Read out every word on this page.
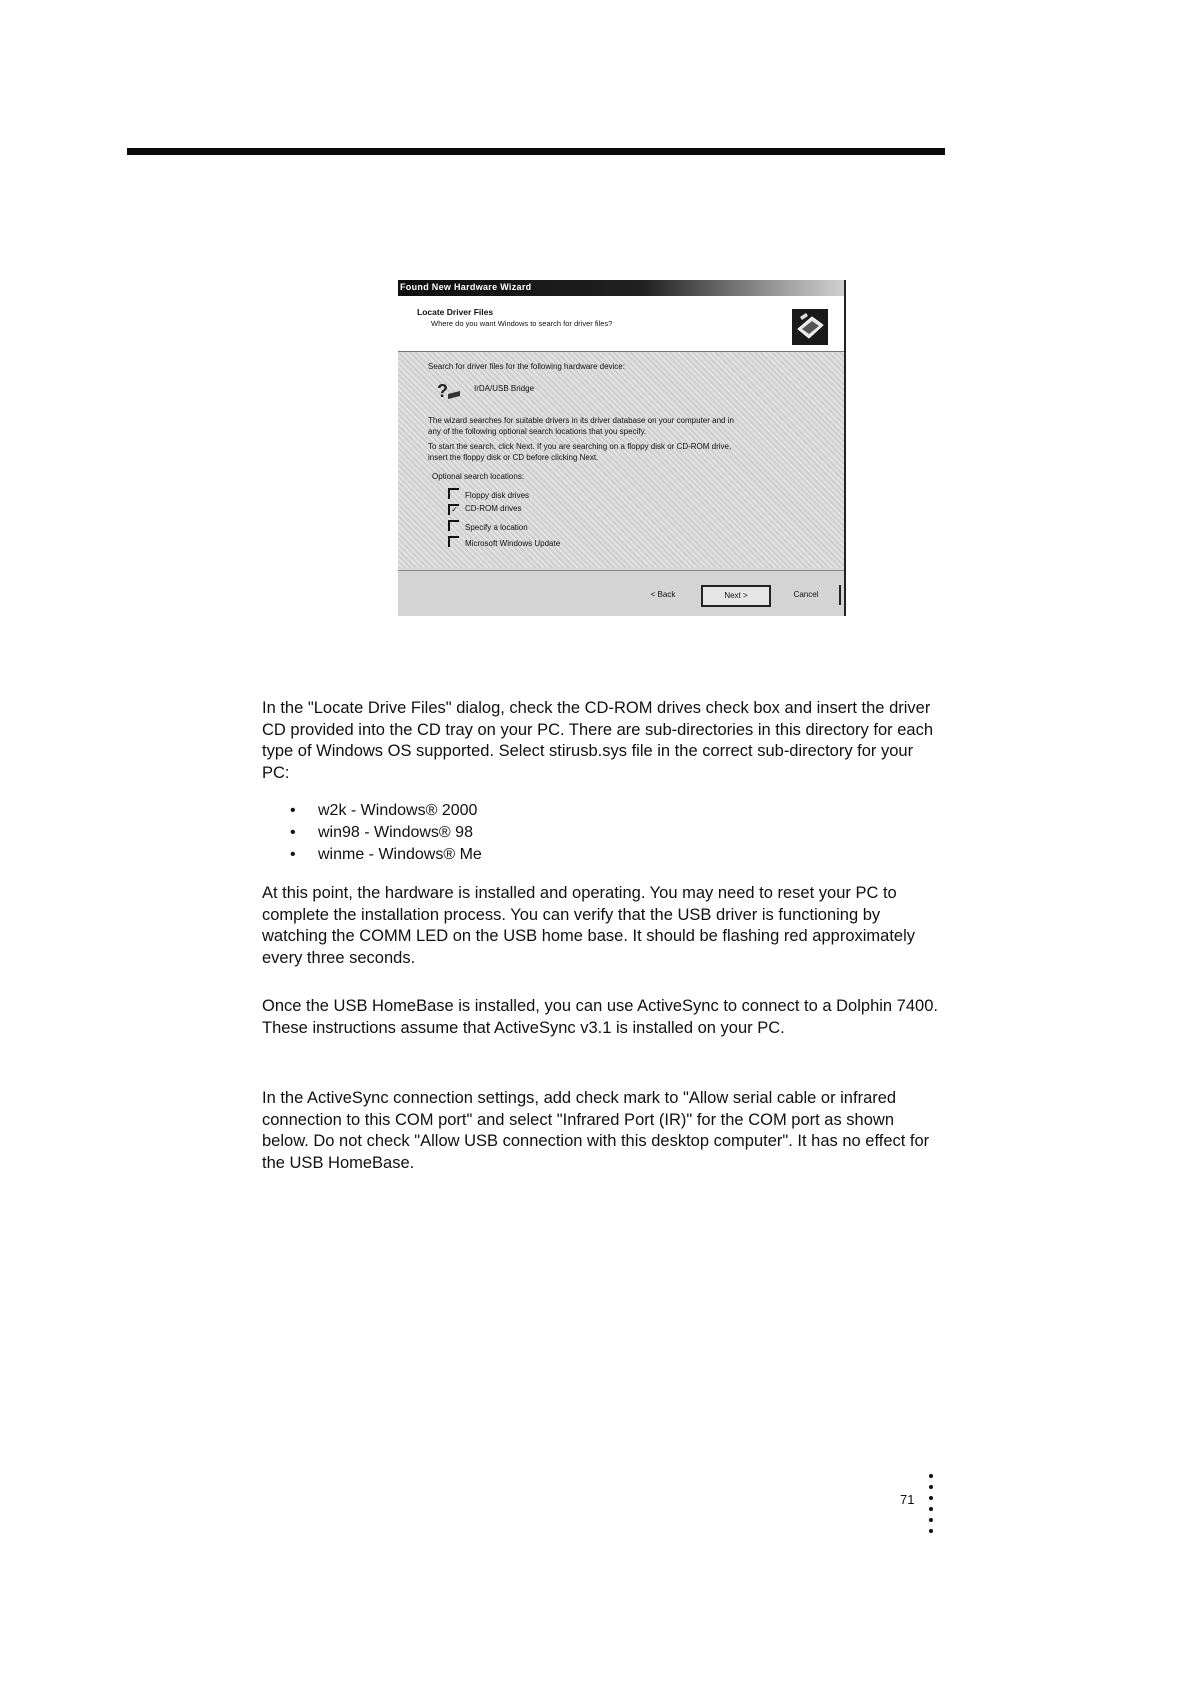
Found New Hardware Wizard
Locate Driver Files
Where do you want Windows to search for driver files?
Search for driver files for the following hardware device:
?	IrDA/USB Bridge
The wizard searches for suitable drivers in its driver database on your computer and in
any of the following optional search locations that you specify.
To start the search, click Next. If you are searching on a floppy disk or CD-ROM drive,
insert the floppy disk or CD before clicking Next.
Optional search locations:
Floppy disk drives
✓ CD-ROM drives
Specify a location
Microsoft Windows Update
< Back	Next >	Cancel

In the "Locate Drive Files" dialog, check the CD-ROM drives check box and insert the driver CD provided into the CD tray on your PC. There are sub-directories in this directory for each type of Windows OS supported. Select stirusb.sys file in the correct sub-directory for your PC:

• w2k - Windows® 2000
• win98 - Windows® 98
• winme - Windows® Me

At this point, the hardware is installed and operating. You may need to reset your PC to complete the installation process. You can verify that the USB driver is functioning by watching the COMM LED on the USB home base. It should be flashing red approximately every three seconds.

Once the USB HomeBase is installed, you can use ActiveSync to connect to a Dolphin 7400. These instructions assume that ActiveSync v3.1 is installed on your PC.

In the ActiveSync connection settings, add check mark to "Allow serial cable or infrared connection to this COM port" and select "Infrared Port (IR)" for the COM port as shown below. Do not check "Allow USB connection with this desktop computer". It has no effect for the USB HomeBase.

71
